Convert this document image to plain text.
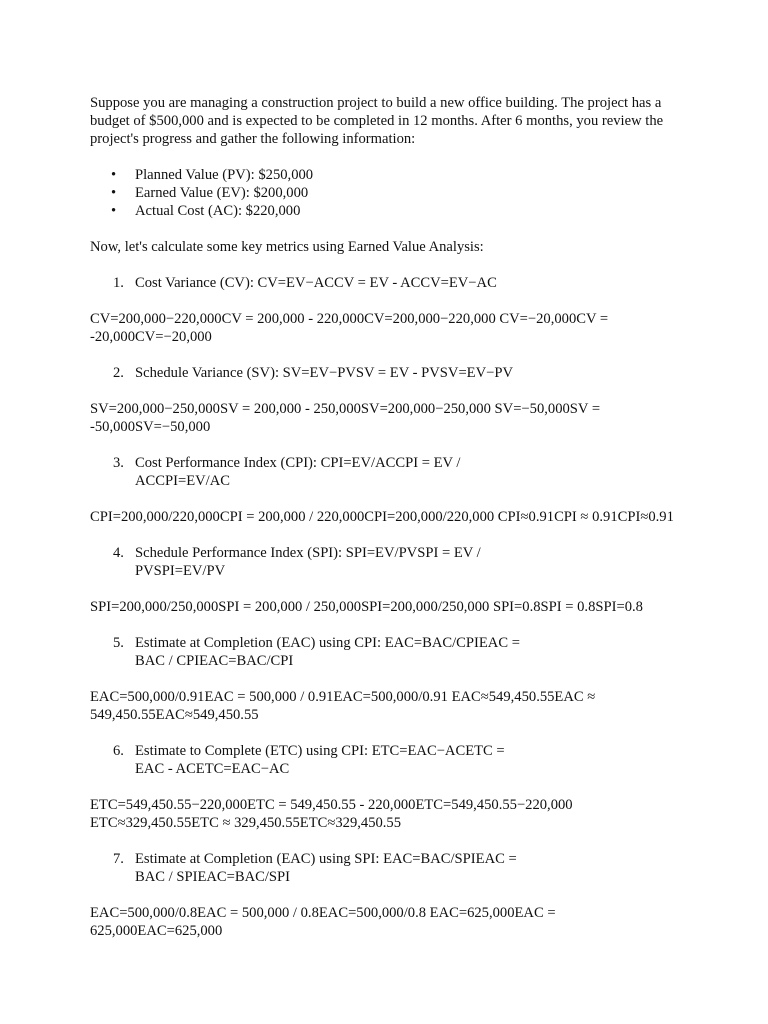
Suppose you are managing a construction project to build a new office building. The project has a budget of $500,000 and is expected to be completed in 12 months. After 6 months, you review the project's progress and gather the following information:

• Planned Value (PV): $250,000
• Earned Value (EV): $200,000
• Actual Cost (AC): $220,000

Now, let's calculate some key metrics using Earned Value Analysis:

1. Cost Variance (CV): CV=EV−ACCV = EV - ACCV=EV−AC

CV=200,000−220,000CV = 200,000 - 220,000CV=200,000−220,000 CV=−20,000CV = -20,000CV=−20,000

2. Schedule Variance (SV): SV=EV−PVSV = EV - PVSV=EV−PV

SV=200,000−250,000SV = 200,000 - 250,000SV=200,000−250,000 SV=−50,000SV = -50,000SV=−50,000

3. Cost Performance Index (CPI): CPI=EV/ACCPI = EV / ACCPI=EV/AC

CPI=200,000/220,000CPI = 200,000 / 220,000CPI=200,000/220,000 CPI≈0.91CPI ≈ 0.91CPI≈0.91

4. Schedule Performance Index (SPI): SPI=EV/PVSPI = EV / PVSPI=EV/PV

SPI=200,000/250,000SPI = 200,000 / 250,000SPI=200,000/250,000 SPI=0.8SPI = 0.8SPI=0.8

5. Estimate at Completion (EAC) using CPI: EAC=BAC/CPIEAC = BAC / CPIEAC=BAC/CPI

EAC=500,000/0.91EAC = 500,000 / 0.91EAC=500,000/0.91 EAC≈549,450.55EAC ≈ 549,450.55EAC≈549,450.55

6. Estimate to Complete (ETC) using CPI: ETC=EAC−ACETC = EAC - ACETC=EAC−AC

ETC=549,450.55−220,000ETC = 549,450.55 - 220,000ETC=549,450.55−220,000 ETC≈329,450.55ETC ≈ 329,450.55ETC≈329,450.55

7. Estimate at Completion (EAC) using SPI: EAC=BAC/SPIEAC = BAC / SPIEAC=BAC/SPI

EAC=500,000/0.8EAC = 500,000 / 0.8EAC=500,000/0.8 EAC=625,000EAC = 625,000EAC=625,000
